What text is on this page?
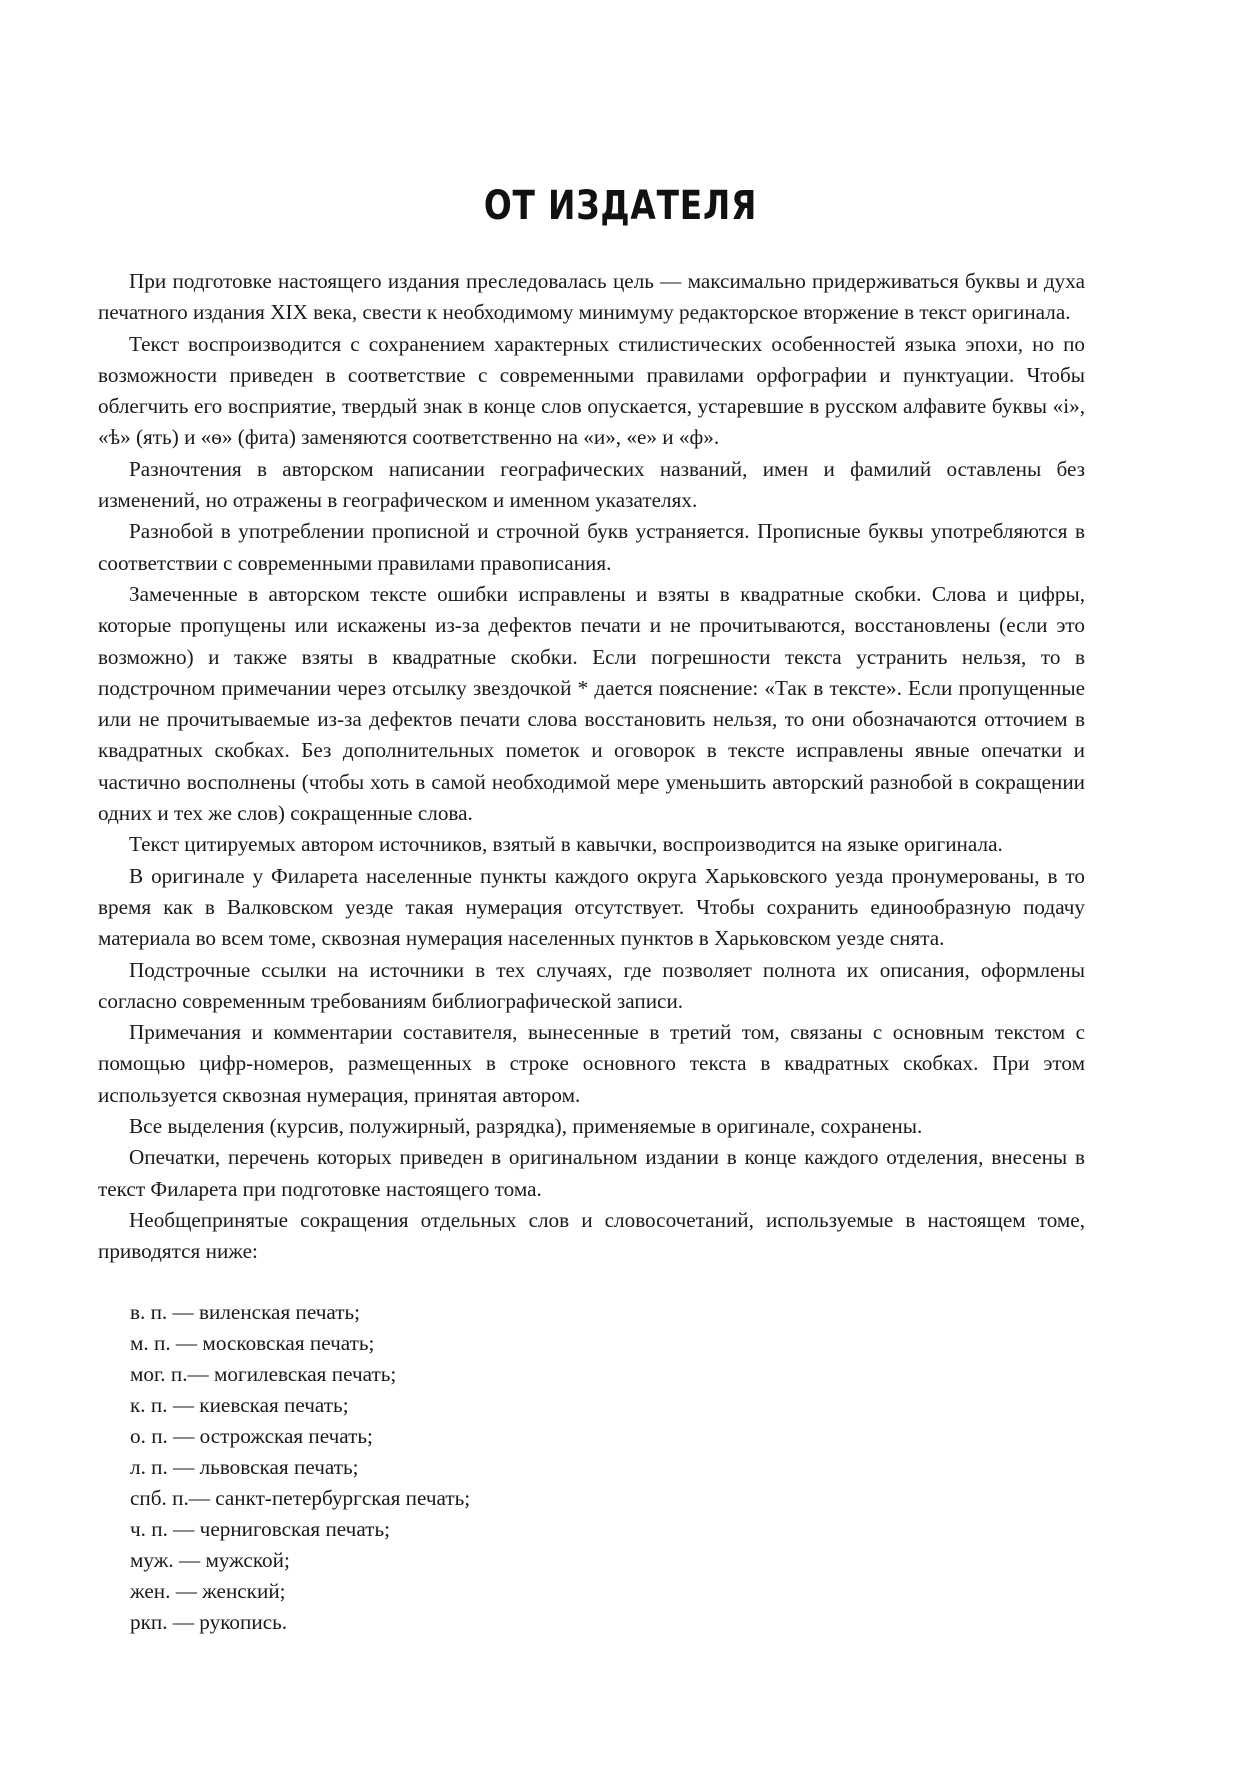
ОТ ИЗДАТЕЛЯ

При подготовке настоящего издания преследовалась цель — максимально придерживаться буквы и духа печатного издания XIX века, свести к необходимому минимуму редакторское вторжение в текст оригинала.

Текст воспроизводится с сохранением характерных стилистических особенностей языка эпохи, но по возможности приведен в соответствие с современными правилами орфографии и пунктуации. Чтобы облегчить его восприятие, твердый знак в конце слов опускается, устаревшие в русском алфавите буквы «і», «ѣ» (ять) и «ѳ» (фита) заменяются соответственно на «и», «е» и «ф».

Разночтения в авторском написании географических названий, имен и фамилий оставлены без изменений, но отражены в географическом и именном указателях.

Разнобой в употреблении прописной и строчной букв устраняется. Прописные буквы употребляются в соответствии с современными правилами правописания.

Замеченные в авторском тексте ошибки исправлены и взяты в квадратные скобки. Слова и цифры, которые пропущены или искажены из-за дефектов печати и не прочитываются, восстановлены (если это возможно) и также взяты в квадратные скобки. Если погрешности текста устранить нельзя, то в подстрочном примечании через отсылку звездочкой * дается пояснение: «Так в тексте». Если пропущенные или не прочитываемые из-за дефектов печати слова восстановить нельзя, то они обозначаются отточием в квадратных скобках. Без дополнительных пометок и оговорок в тексте исправлены явные опечатки и частично восполнены (чтобы хоть в самой необходимой мере уменьшить авторский разнобой в сокращении одних и тех же слов) сокращенные слова.

Текст цитируемых автором источников, взятый в кавычки, воспроизводится на языке оригинала.

В оригинале у Филарета населенные пункты каждого округа Харьковского уезда пронумерованы, в то время как в Валковском уезде такая нумерация отсутствует. Чтобы сохранить единообразную подачу материала во всем томе, сквозная нумерация населенных пунктов в Харьковском уезде снята.

Подстрочные ссылки на источники в тех случаях, где позволяет полнота их описания, оформлены согласно современным требованиям библиографической записи.

Примечания и комментарии составителя, вынесенные в третий том, связаны с основным текстом с помощью цифр-номеров, размещенных в строке основного текста в квадратных скобках. При этом используется сквозная нумерация, принятая автором.

Все выделения (курсив, полужирный, разрядка), применяемые в оригинале, сохранены.

Опечатки, перечень которых приведен в оригинальном издании в конце каждого отделения, внесены в текст Филарета при подготовке настоящего тома.

Необщепринятые сокращения отдельных слов и словосочетаний, используемые в настоящем томе, приводятся ниже:

в. п. — виленская печать;
м. п. — московская печать;
мог. п.— могилевская печать;
к. п. — киевская печать;
о. п. — острожская печать;
л. п. — львовская печать;
спб. п.— санкт-петербургская печать;
ч. п. — черниговская печать;
муж. — мужской;
жен. — женский;
ркп. — рукопись.
